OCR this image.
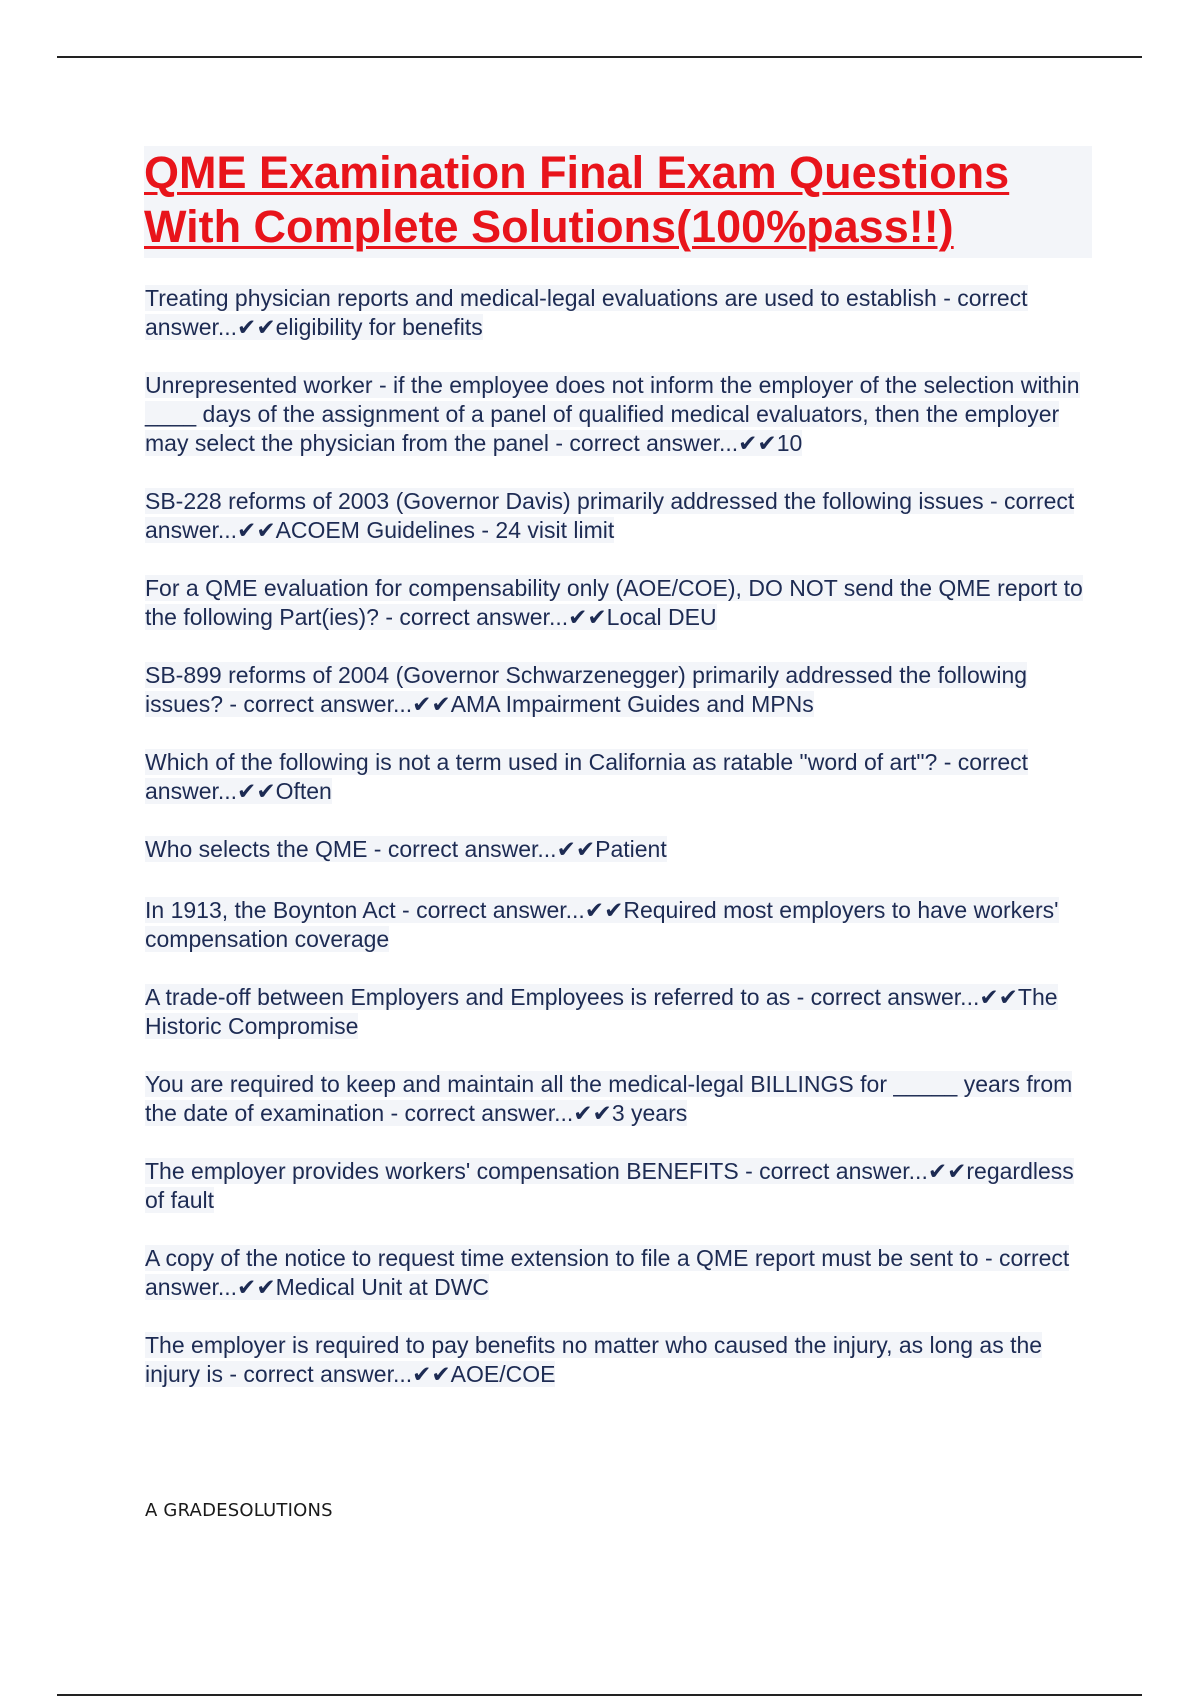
QME Examination Final Exam Questions
With Complete Solutions(100%pass!!)
Treating physician reports and medical-legal evaluations are used to establish - correct answer...✔✔eligibility for benefits
Unrepresented worker - if the employee does not inform the employer of the selection within ____ days of the assignment of a panel of qualified medical evaluators, then the employer may select the physician from the panel - correct answer...✔✔10
SB-228 reforms of 2003 (Governor Davis) primarily addressed the following issues - correct answer...✔✔ACOEM Guidelines - 24 visit limit
For a QME evaluation for compensability only (AOE/COE), DO NOT send the QME report to the following Part(ies)? - correct answer...✔✔Local DEU
SB-899 reforms of 2004 (Governor Schwarzenegger) primarily addressed the following issues? - correct answer...✔✔AMA Impairment Guides and MPNs
Which of the following is not a term used in California as ratable "word of art"? - correct answer...✔✔Often
Who selects the QME - correct answer...✔✔Patient
In 1913, the Boynton Act - correct answer...✔✔Required most employers to have workers' compensation coverage
A trade-off between Employers and Employees is referred to as - correct answer...✔✔The Historic Compromise
You are required to keep and maintain all the medical-legal BILLINGS for _____ years from the date of examination - correct answer...✔✔3 years
The employer provides workers' compensation BENEFITS - correct answer...✔✔regardless of fault
A copy of the notice to request time extension to file a QME report must be sent to - correct answer...✔✔Medical Unit at DWC
The employer is required to pay benefits no matter who caused the injury, as long as the injury is - correct answer...✔✔AOE/COE
A GRADESOLUTIONS
